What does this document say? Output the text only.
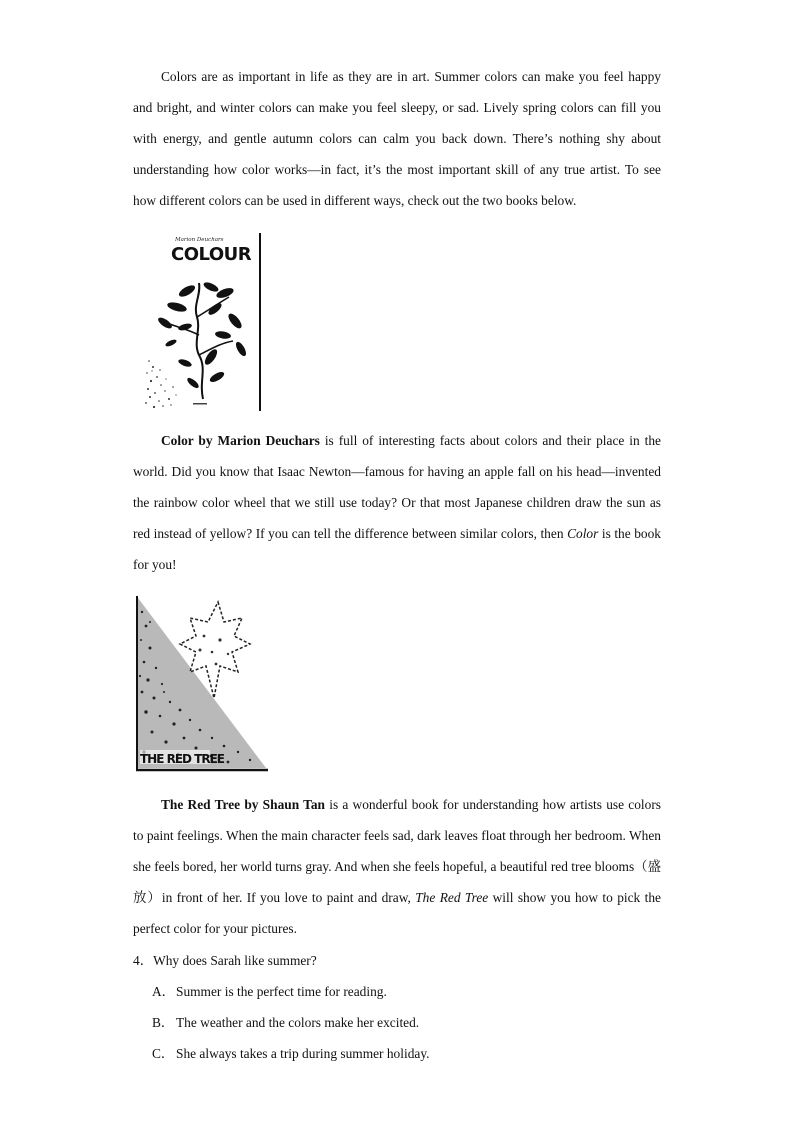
Colors are as important in life as they are in art. Summer colors can make you feel happy and bright, and winter colors can make you feel sleepy, or sad. Lively spring colors can fill you with energy, and gentle autumn colors can calm you back down. There’s nothing shy about understanding how color works—in fact, it’s the most important skill of any true artist. To see how different colors can be used in different ways, check out the two books below.

Marion Deuchars
COLOUR

Color by Marion Deuchars is full of interesting facts about colors and their place in the world. Did you know that Isaac Newton—famous for having an apple fall on his head—invented the rainbow color wheel that we still use today? Or that most Japanese children draw the sun as red instead of yellow? If you can tell the difference between similar colors, then Color is the book for you!

THE RED TREE

The Red Tree by Shaun Tan is a wonderful book for understanding how artists use colors to paint feelings. When the main character feels sad, dark leaves float through her bedroom. When she feels bored, her world turns gray. And when she feels hopeful, a beautiful red tree blooms（盛放）in front of her. If you love to paint and draw, The Red Tree will show you how to pick the perfect color for your pictures.

4．Why does Sarah like summer?

A．Summer is the perfect time for reading.

B． The weather and the colors make her excited.

C． She always takes a trip during summer holiday.
